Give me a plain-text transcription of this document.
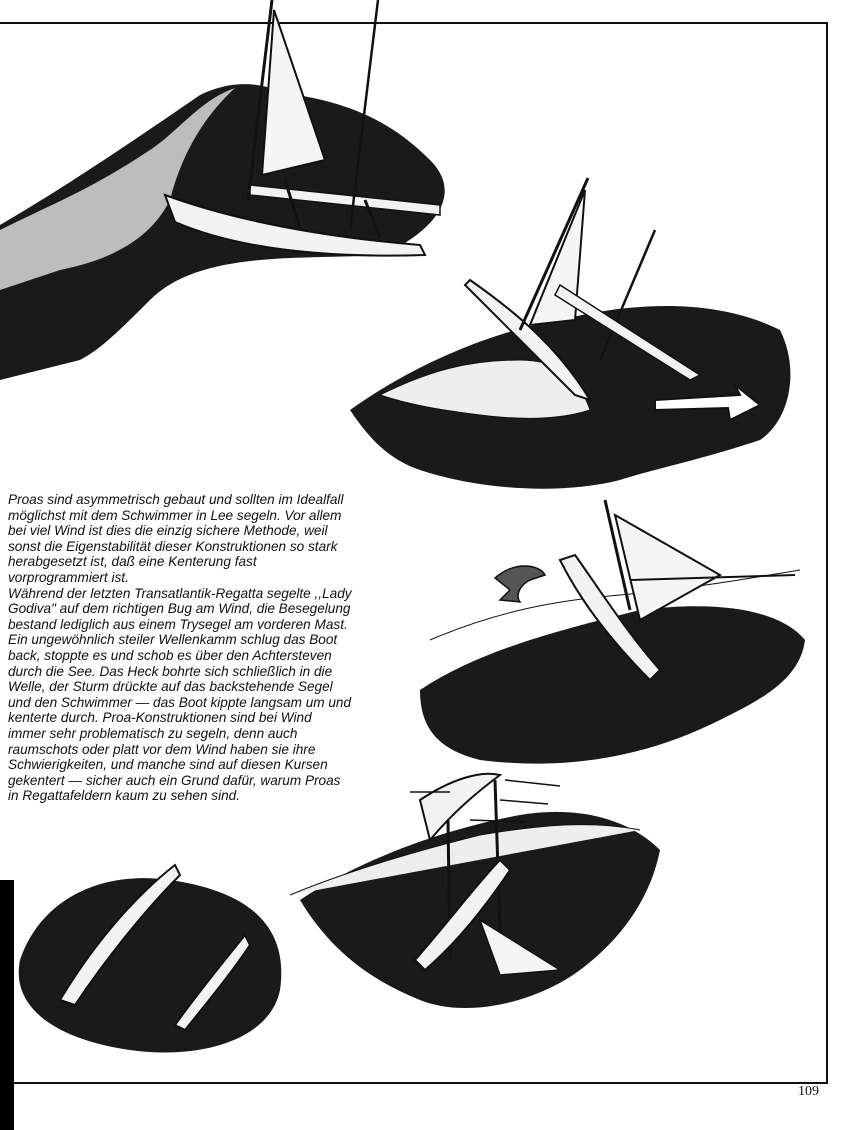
Proas sind asymmetrisch gebaut und sollten im Idealfall möglichst mit dem Schwimmer in Lee segeln. Vor allem bei viel Wind ist dies die einzig sichere Methode, weil sonst die Eigenstabilität dieser Konstruktionen so stark herabgesetzt ist, daß eine Kenterung fast vorprogrammiert ist.

Während der letzten Transatlantik-Regatta segelte ,,Lady Godiva" auf dem richtigen Bug am Wind, die Besegelung bestand lediglich aus einem Trysegel am vorderen Mast. Ein ungewöhnlich steiler Wellenkamm schlug das Boot back, stoppte es und schob es über den Achtersteven durch die See. Das Heck bohrte sich schließlich in die Welle, der Sturm drückte auf das backstehende Segel und den Schwimmer — das Boot kippte langsam um und kenterte durch. Proa-Konstruktionen sind bei Wind immer sehr problematisch zu segeln, denn auch raumschots oder platt vor dem Wind haben sie ihre Schwierigkeiten, und manche sind auf diesen Kursen gekentert — sicher auch ein Grund dafür, warum Proas in Regattafeldern kaum zu sehen sind.

109
